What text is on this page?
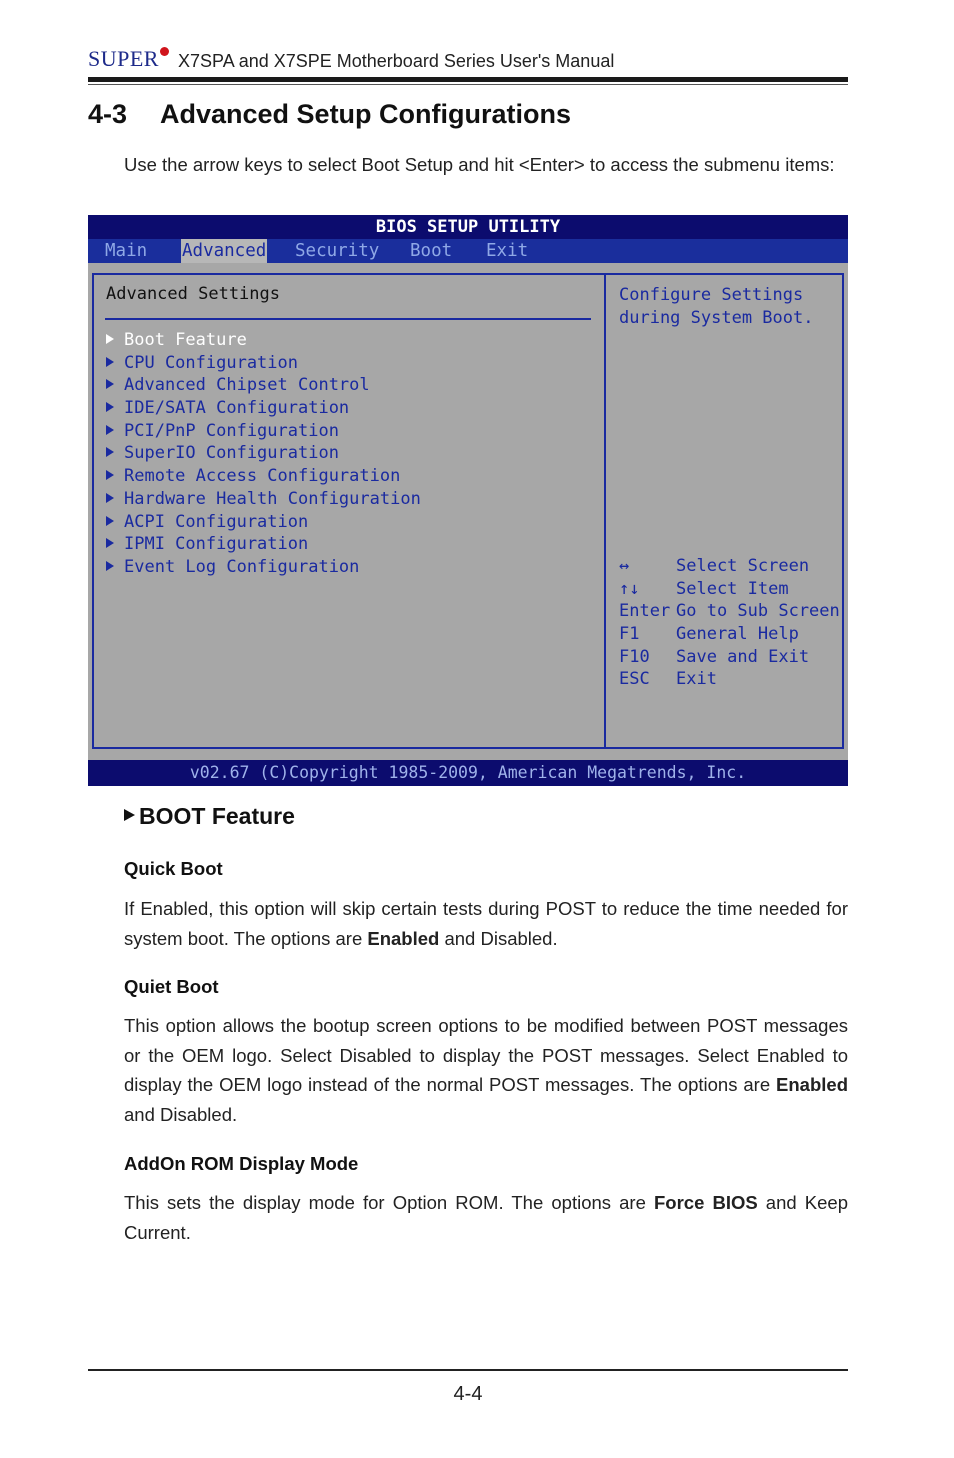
SUPER	X7SPA and X7SPE Motherboard Series User's Manual
4-3 Advanced Setup Configurations

Use the arrow keys to select Boot Setup and hit <Enter> to access the submenu items:

BIOS SETUP UTILITY
Main Advanced Security Boot Exit
Advanced Settings
Boot Feature
CPU Configuration
Advanced Chipset Control
IDE/SATA Configuration
PCI/PnP Configuration
SuperIO Configuration
Remote Access Configuration
Hardware Health Configuration
ACPI Configuration
IPMI Configuration
Event Log Configuration
Configure Settings during System Boot.
↔	Select Screen
↑↓ Select Item
Enter Go to Sub Screen
F1 General Help
F10 Save and Exit
ESC Exit
v02.67 (C)Copyright 1985-2009, American Megatrends, Inc.
BOOT Feature
Quick Boot

If Enabled, this option will skip certain tests during POST to reduce the time needed for system boot. The options are Enabled and Disabled.

Quiet Boot

This option allows the bootup screen options to be modified between POST messages or the OEM logo. Select Disabled to display the POST messages. Select Enabled to display the OEM logo instead of the normal POST messages. The options are Enabled and Disabled.

AddOn ROM Display Mode

This sets the display mode for Option ROM. The options are Force BIOS and Keep Current.

4-4
